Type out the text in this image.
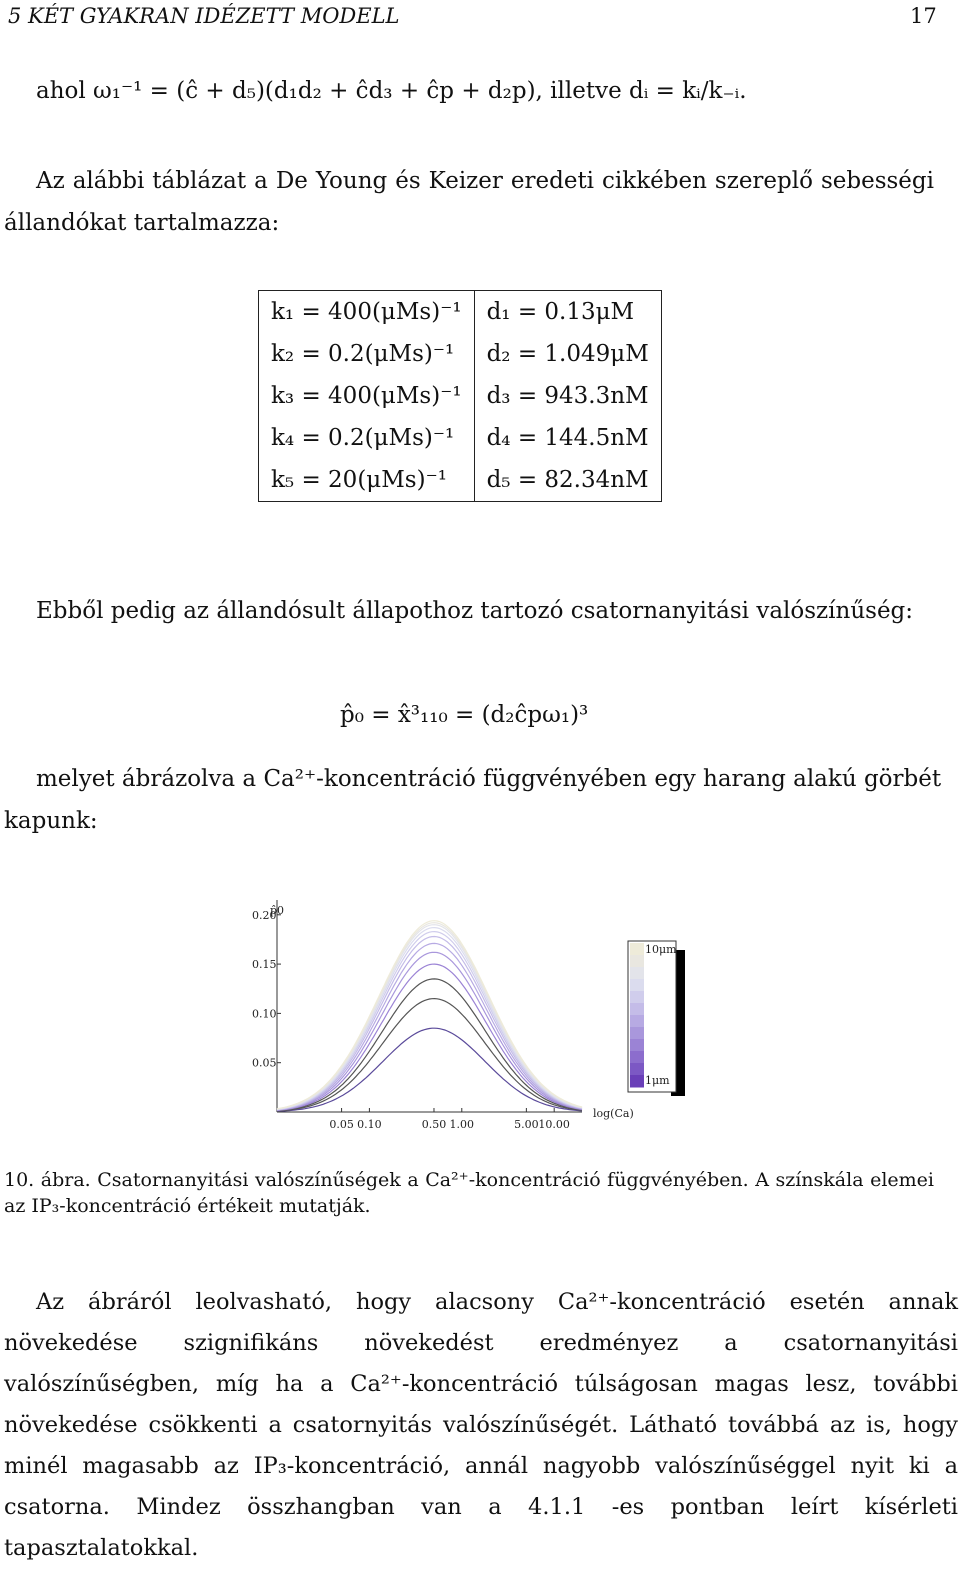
5 KÉT GYAKRAN IDÉZETT MODELL	17
ahol ω₁⁻¹ = (ĉ + d₅)(d₁d₂ + ĉd₃ + ĉp + d₂p), illetve dᵢ = kᵢ/k₋ᵢ.
Az alábbi táblázat a De Young és Keizer eredeti cikkében szereplő sebességi állandókat tartalmazza:
k₁ = 400(μMs)⁻¹	d₁ = 0.13μM
k₂ = 0.2(μMs)⁻¹	d₂ = 1.049μM
k₃ = 400(μMs)⁻¹	d₃ = 943.3nM
k₄ = 0.2(μMs)⁻¹	d₄ = 144.5nM
k₅ = 20(μMs)⁻¹	d₅ = 82.34nM
Ebből pedig az állandósult állapothoz tartozó csatornanyitási valószínűség:
p̂₀ = x̂³₁₁₀ = (d₂ĉpω₁)³
melyet ábrázolva a Ca²⁺-koncentráció függvényében egy harang alakú görbét
kapunk:
p̂0
log(Ca)
0.05
0.10
0.15
0.20
0.05 0.10	0.50 1.00	5.00 10.00
10μm
1μm
10. ábra. Csatornanyitási valószínűségek a Ca²⁺-koncentráció függvényében. A színskála elemei az IP₃-koncentráció értékeit mutatják.
Az ábráról leolvasható, hogy alacsony Ca²⁺-koncentráció esetén annak növekedése szignifikáns növekedést eredményez a csatornanyitási valószínűségben, míg ha a Ca²⁺-koncentráció túlságosan magas lesz, további növekedése csökkenti a csatornyitás valószínűségét. Látható továbbá az is, hogy minél magasabb az IP₃-koncentráció, annál nagyobb valószínűséggel nyit ki a csatorna. Mindez összhangban van a 4.1.1 -es pontban leírt kísérleti tapasztalatokkal.
